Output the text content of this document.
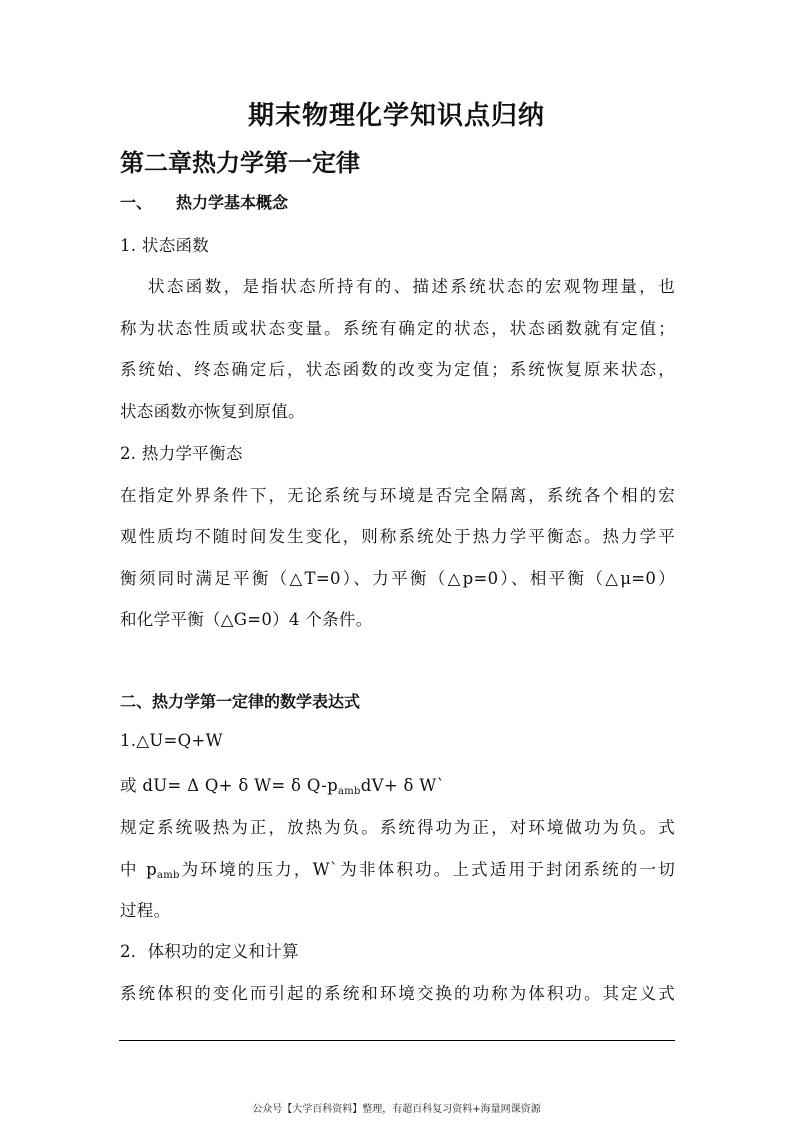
期末物理化学知识点归纳
第二章热力学第一定律
一、 热力学基本概念
1. 状态函数
状态函数，是指状态所持有的、描述系统状态的宏观物理量，也
称为状态性质或状态变量。系统有确定的状态，状态函数就有定值；
系统始、终态确定后，状态函数的改变为定值；系统恢复原来状态，
状态函数亦恢复到原值。
2. 热力学平衡态
在指定外界条件下，无论系统与环境是否完全隔离，系统各个相的宏
观性质均不随时间发生变化，则称系统处于热力学平衡态。热力学平
衡须同时满足平衡（△T=0）、力平衡（△p=0）、相平衡（△μ=0）
和化学平衡（△G=0）4 个条件。
二、热力学第一定律的数学表达式
1.△U=Q+W
或 dU= Δ Q+ δ W= δ $Q-p_{amb}dV+ \delta$ W`
规定系统吸热为正，放热为负。系统得功为正，对环境做功为负。式
中 $p_{amb}$为环境的压力，W`为非体积功。上式适用于封闭系统的一切
过程。
2．体积功的定义和计算
系统体积的变化而引起的系统和环境交换的功称为体积功。其定义式
公众号【大学百科资料】整理，有超百科复习资料+海量网课资源
